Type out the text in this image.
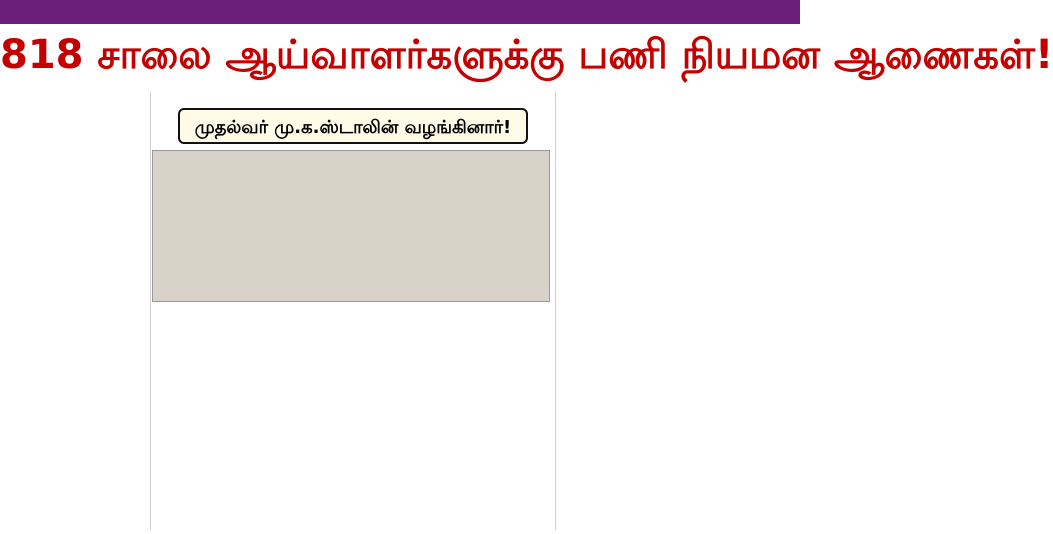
818 சாலை ஆய்வாளர்களுக்கு பணி நியமன ஆணைகள்!
முதல்வர் மு.க.ஸ்டாலின் வழங்கினார்!
